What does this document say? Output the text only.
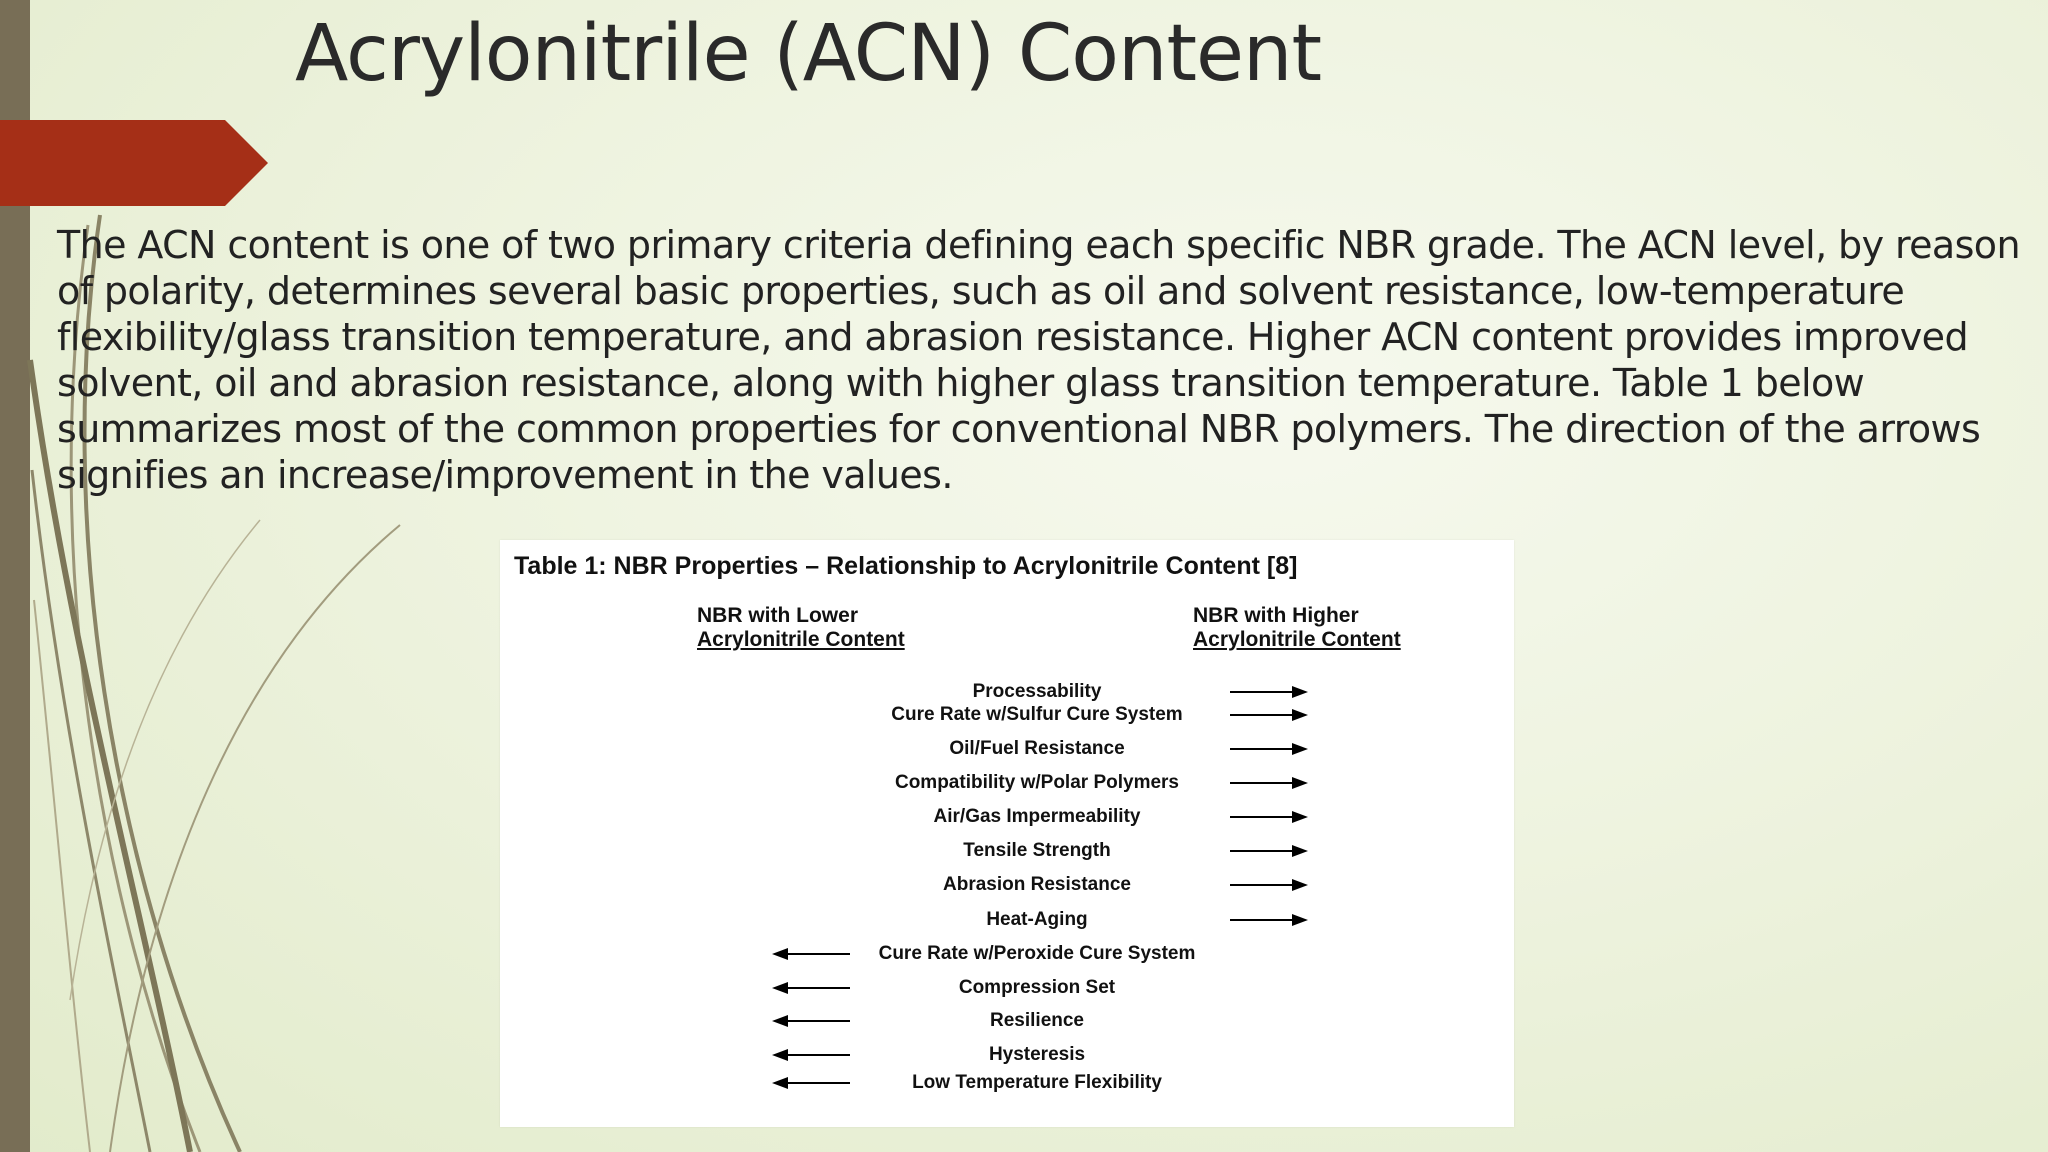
Acrylonitrile (ACN) Content

The ACN content is one of two primary criteria defining each specific NBR grade. The ACN level, by reason of polarity, determines several basic properties, such as oil and solvent resistance, low-temperature flexibility/glass transition temperature, and abrasion resistance. Higher ACN content provides improved solvent, oil and abrasion resistance, along with higher glass transition temperature. Table 1 below summarizes most of the common properties for conventional NBR polymers. The direction of the arrows signifies an increase/improvement in the values.

Table 1: NBR Properties – Relationship to Acrylonitrile Content [8]

NBR with Lower
Acrylonitrile Content
NBR with Higher
Acrylonitrile Content
Processability
Cure Rate w/Sulfur Cure System
Oil/Fuel Resistance
Compatibility w/Polar Polymers
Air/Gas Impermeability
Tensile Strength
Abrasion Resistance
Heat-Aging
Cure Rate w/Peroxide Cure System
Compression Set
Resilience
Hysteresis
Low Temperature Flexibility
